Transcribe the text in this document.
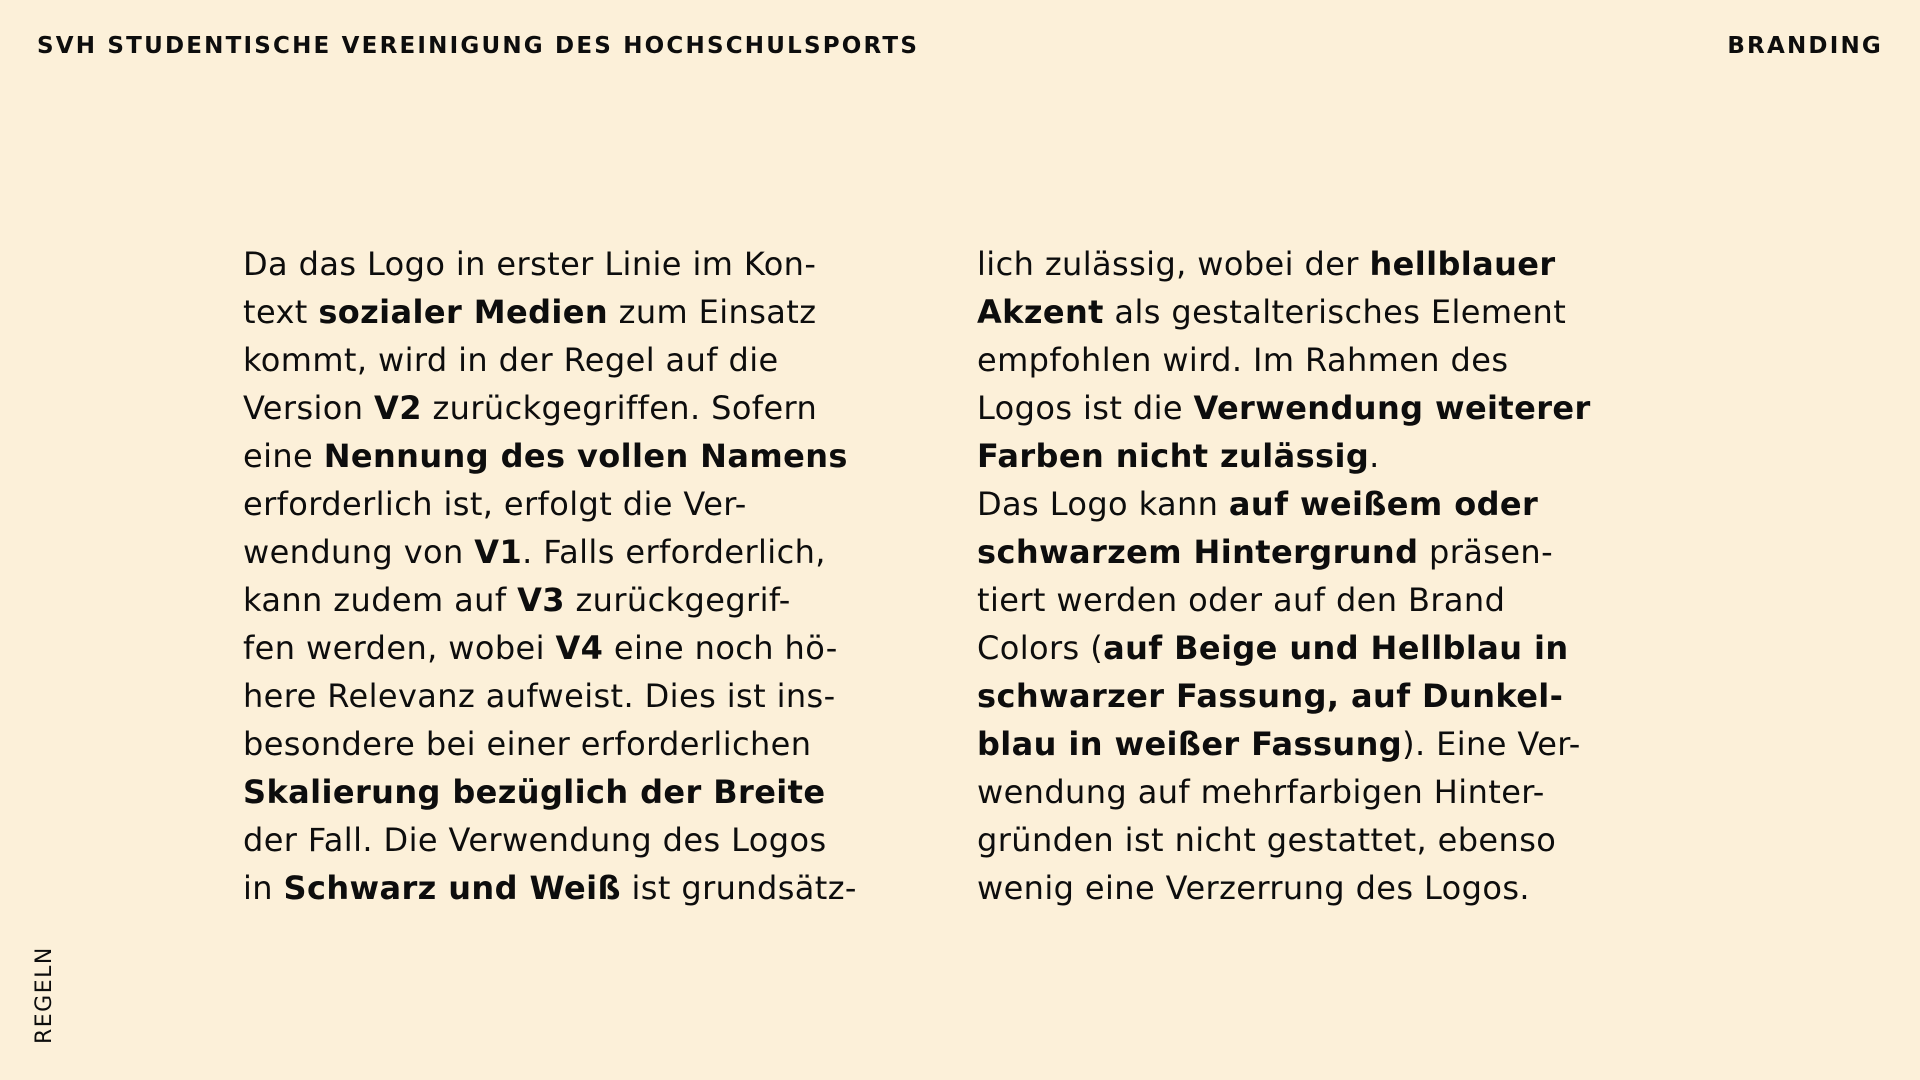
SVH STUDENTISCHE VEREINIGUNG DES HOCHSCHULSPORTS	BRANDING
Da das Logo in erster Linie im Kon-
text sozialer Medien zum Einsatz
kommt, wird in der Regel auf die
Version V2 zurückgegriffen. Sofern
eine Nennung des vollen Namens
erforderlich ist, erfolgt die Ver-
wendung von V1. Falls erforderlich,
kann zudem auf V3 zurückgegrif-
fen werden, wobei V4 eine noch hö-
here Relevanz aufweist. Dies ist ins-
besondere bei einer erforderlichen
Skalierung bezüglich der Breite
der Fall. Die Verwendung des Logos
in Schwarz und Weiß ist grundsätz-
lich zulässig, wobei der hellblauer
Akzent als gestalterisches Element
empfohlen wird. Im Rahmen des
Logos ist die Verwendung weiterer
Farben nicht zulässig.
Das Logo kann auf weißem oder
schwarzem Hintergrund präsen-
tiert werden oder auf den Brand
Colors (auf Beige und Hellblau in
schwarzer Fassung, auf Dunkel-
blau in weißer Fassung). Eine Ver-
wendung auf mehrfarbigen Hinter-
gründen ist nicht gestattet, ebenso
wenig eine Verzerrung des Logos.
REGELN
